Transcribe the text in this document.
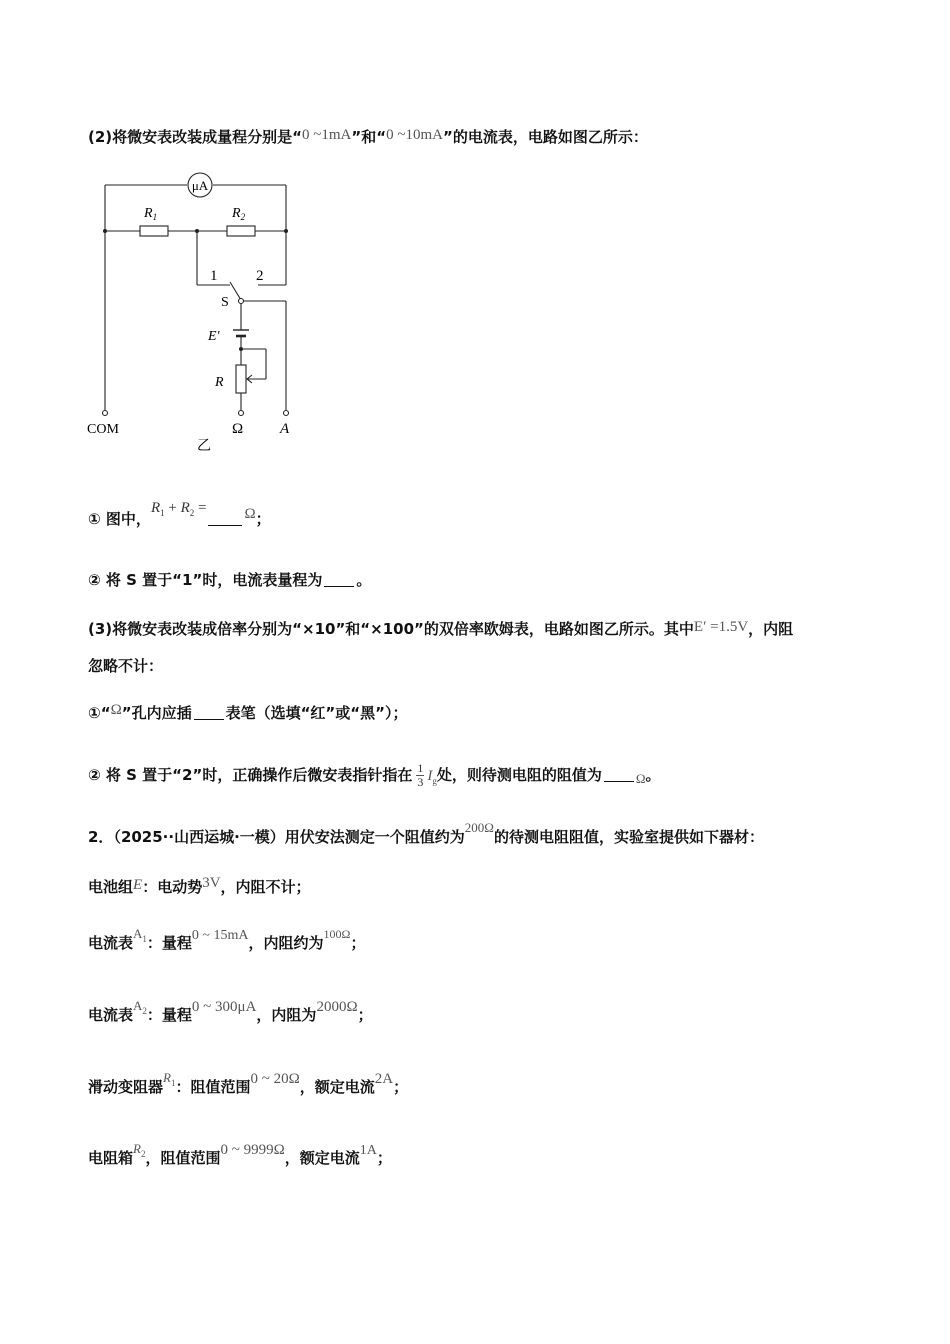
(2)将微安表改装成量程分别是“0 ~1mA”和“0 ~10mA”的电流表，电路如图乙所示：
μA
$R_1$	$R_2$
1	2
S
E′
R
COM	Ω A
乙
① 图中，$R_1 + R_2$ =	Ω；
② 将 S 置于“1”时，电流表量程为 。
(3)将微安表改装成倍率分别为“×10”和“×100”的双倍率欧姆表，电路如图乙所示。其中E′ =1.5V，内阻
忽略不计：
①“Ω”孔内应插 表笔（选填“红”或“黑”）；
② 将 S 置于“2”时，正确操作后微安表指针指在 $\frac{1}{3} I_g$处，则待测电阻的阻值为	Ω。
2．（2025··山西运城·一模）用伏安法测定一个阻值约为200Ω的待测电阻阻值，实验室提供如下器材：
电池组E：电动势3V，内阻不计；
电流表$A_1$：量程0 ~ 15mA，内阻约为$^{100\Omega}$；
电流表$A_2$：量程0 ~ 300μA，内阻为2000Ω；
滑动变阻器$R_1$：阻值范围0 ~ 20Ω，额定电流2A；
电阻箱$R_2$，阻值范围0 ~ 9999Ω，额定电流1A；
